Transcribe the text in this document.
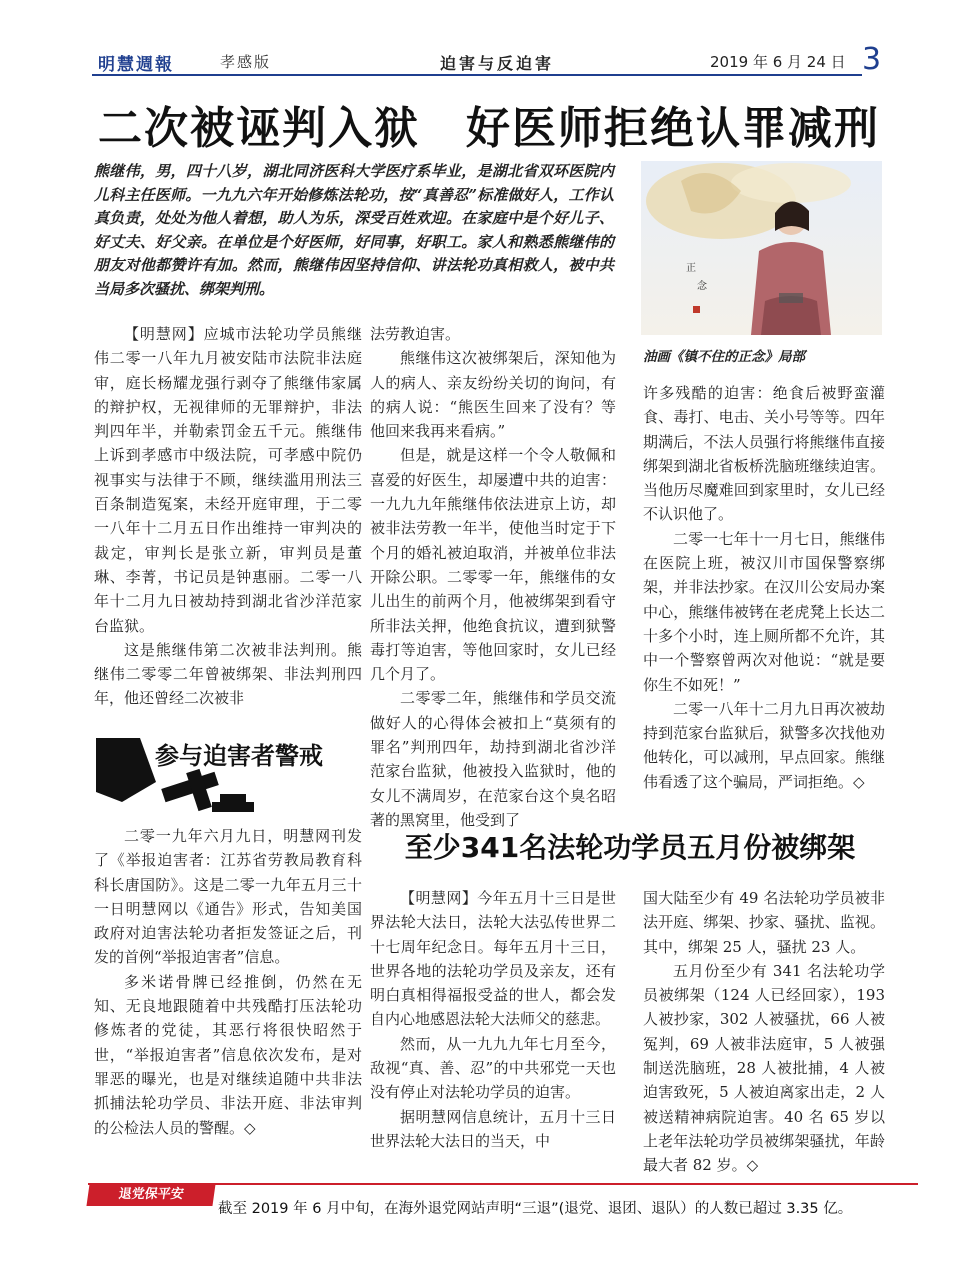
明慧週報	孝感版	迫害与反迫害	2019 年 6 月 24 日 3
二次被诬判入狱　好医师拒绝认罪减刑
熊继伟，男，四十八岁，湖北同济医科大学医疗系毕业，是湖北省双环医院内儿科主任医师。一九九六年开始修炼法轮功，按“真善忍”标准做好人，工作认真负责，处处为他人着想，助人为乐，深受百姓欢迎。在家庭中是个好儿子、好丈夫、好父亲。在单位是个好医师，好同事，好职工。家人和熟悉熊继伟的朋友对他都赞许有加。然而，熊继伟因坚持信仰、讲法轮功真相救人，被中共当局多次骚扰、绑架判刑。
正
念
油画《镇不住的正念》局部

【明慧网】应城市法轮功学员熊继伟二零一八年九月被安陆市法院非法庭审，庭长杨耀龙强行剥夺了熊继伟家属的辩护权，无视律师的无罪辩护，非法判四年半，并勒索罚金五千元。熊继伟上诉到孝感市中级法院，可孝感中院仍视事实与法律于不顾，继续滥用刑法三百条制造冤案，未经开庭审理，于二零一八年十二月五日作出维持一审判决的裁定，审判长是张立新，审判员是董琳、李菁，书记员是钟惠丽。二零一八年十二月九日被劫持到湖北省沙洋范家台监狱。

这是熊继伟第二次被非法判刑。熊继伟二零零二年曾被绑架、非法判刑四年，他还曾经二次被非

法劳教迫害。

熊继伟这次被绑架后，深知他为人的病人、亲友纷纷关切的询问，有的病人说：“熊医生回来了没有？等他回来我再来看病。”

但是，就是这样一个令人敬佩和喜爱的好医生，却屡遭中共的迫害：一九九九年熊继伟依法进京上访，却被非法劳教一年半，使他当时定于下个月的婚礼被迫取消，并被单位非法开除公职。二零零一年，熊继伟的女儿出生的前两个月，他被绑架到看守所非法关押，他绝食抗议，遭到狱警毒打等迫害，等他回家时，女儿已经几个月了。

二零零二年，熊继伟和学员交流做好人的心得体会被扣上“莫须有的罪名”判刑四年，劫持到湖北省沙洋范家台监狱，他被投入监狱时，他的女儿不满周岁，在范家台这个臭名昭著的黑窝里，他受到了

许多残酷的迫害：绝食后被野蛮灌食、毒打、电击、关小号等等。四年期满后，不法人员强行将熊继伟直接绑架到湖北省板桥洗脑班继续迫害。当他历尽魔难回到家里时，女儿已经不认识他了。

二零一七年十一月七日，熊继伟在医院上班，被汉川市国保警察绑架，并非法抄家。在汉川公安局办案中心，熊继伟被铐在老虎凳上长达二十多个小时，连上厕所都不允许，其中一个警察曾两次对他说：“就是要你生不如死！”

二零一八年十二月九日再次被劫持到范家台监狱后，狱警多次找他劝他转化，可以减刑，早点回家。熊继伟看透了这个骗局，严词拒绝。◇

参与迫害者警戒

二零一九年六月九日，明慧网刊发了《举报迫害者：江苏省劳教局教育科科长唐国防》。这是二零一九年五月三十一日明慧网以《通告》形式，告知美国政府对迫害法轮功者拒发签证之后，刊发的首例“举报迫害者”信息。

多米诺骨牌已经推倒，仍然在无知、无良地跟随着中共残酷打压法轮功修炼者的党徒，其恶行将很快昭然于世，“举报迫害者”信息依次发布，是对罪恶的曝光，也是对继续追随中共非法抓捕法轮功学员、非法开庭、非法审判的公检法人员的警醒。◇

至少341名法轮功学员五月份被绑架

【明慧网】今年五月十三日是世界法轮大法日，法轮大法弘传世界二十七周年纪念日。每年五月十三日，世界各地的法轮功学员及亲友，还有明白真相得福报受益的世人，都会发自内心地感恩法轮大法师父的慈悲。

然而，从一九九九年七月至今，敌视“真、善、忍”的中共邪党一天也没有停止对法轮功学员的迫害。

据明慧网信息统计，五月十三日世界法轮大法日的当天，中

国大陆至少有 49 名法轮功学员被非法开庭、绑架、抄家、骚扰、监视。其中，绑架 25 人，骚扰 23 人。

五月份至少有 341 名法轮功学员被绑架（124 人已经回家），193 人被抄家，302 人被骚扰，66 人被冤判，69 人被非法庭审，5 人被强制送洗脑班，28 人被批捕，4 人被迫害致死，5 人被迫离家出走，2 人被送精神病院迫害。40 名 65 岁以上老年法轮功学员被绑架骚扰，年龄最大者 82 岁。◇

退党保平安
截至 2019 年 6 月中旬，在海外退党网站声明“三退”(退党、退团、退队）的人数已超过 3.35 亿。
